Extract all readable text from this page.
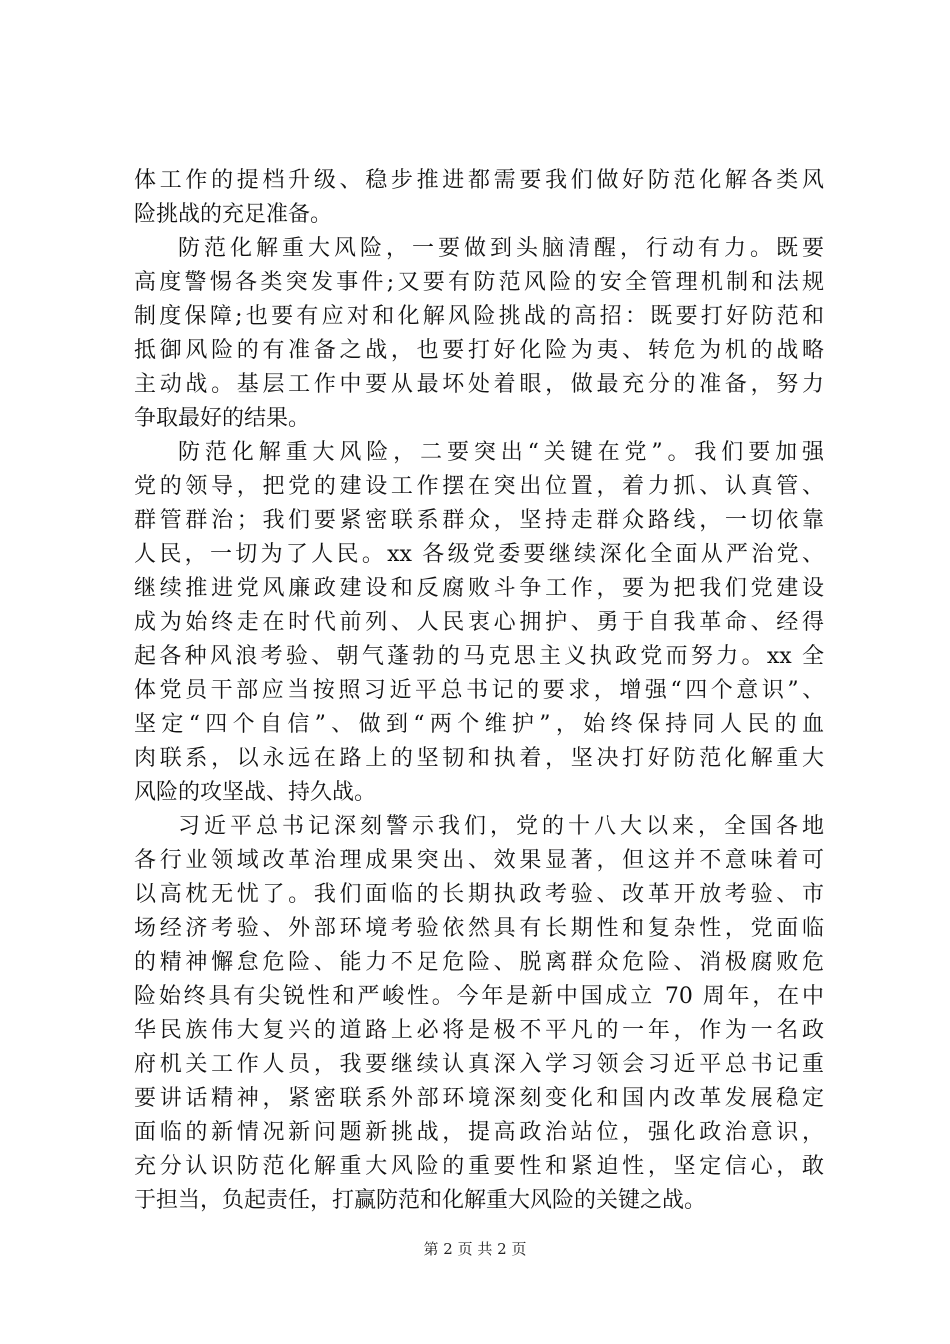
体工作的提档升级、稳步推进都需要我们做好防范化解各类风
险挑战的充足准备。
防范化解重大风险，一要做到头脑清醒，行动有力。既要
高度警惕各类突发事件;又要有防范风险的安全管理机制和法规
制度保障;也要有应对和化解风险挑战的高招：既要打好防范和
抵御风险的有准备之战，也要打好化险为夷、转危为机的战略
主动战。基层工作中要从最坏处着眼，做最充分的准备，努力
争取最好的结果。
防范化解重大风险，二要突出“关键在党”。我们要加强
党的领导，把党的建设工作摆在突出位置，着力抓、认真管、
群管群治；我们要紧密联系群众，坚持走群众路线，一切依靠
人民，一切为了人民。xx 各级党委要继续深化全面从严治党、
继续推进党风廉政建设和反腐败斗争工作，要为把我们党建设
成为始终走在时代前列、人民衷心拥护、勇于自我革命、经得
起各种风浪考验、朝气蓬勃的马克思主义执政党而努力。xx 全
体党员干部应当按照习近平总书记的要求，增强“四个意识”、
坚定“四个自信”、做到“两个维护”，始终保持同人民的血
肉联系，以永远在路上的坚韧和执着，坚决打好防范化解重大
风险的攻坚战、持久战。
习近平总书记深刻警示我们，党的十八大以来，全国各地
各行业领域改革治理成果突出、效果显著，但这并不意味着可
以高枕无忧了。我们面临的长期执政考验、改革开放考验、市
场经济考验、外部环境考验依然具有长期性和复杂性，党面临
的精神懈怠危险、能力不足危险、脱离群众危险、消极腐败危
险始终具有尖锐性和严峻性。今年是新中国成立 70 周年，在中
华民族伟大复兴的道路上必将是极不平凡的一年，作为一名政
府机关工作人员，我要继续认真深入学习领会习近平总书记重
要讲话精神，紧密联系外部环境深刻变化和国内改革发展稳定
面临的新情况新问题新挑战，提高政治站位，强化政治意识，
充分认识防范化解重大风险的重要性和紧迫性，坚定信心，敢
于担当，负起责任，打赢防范和化解重大风险的关键之战。
第 2 页 共 2 页
